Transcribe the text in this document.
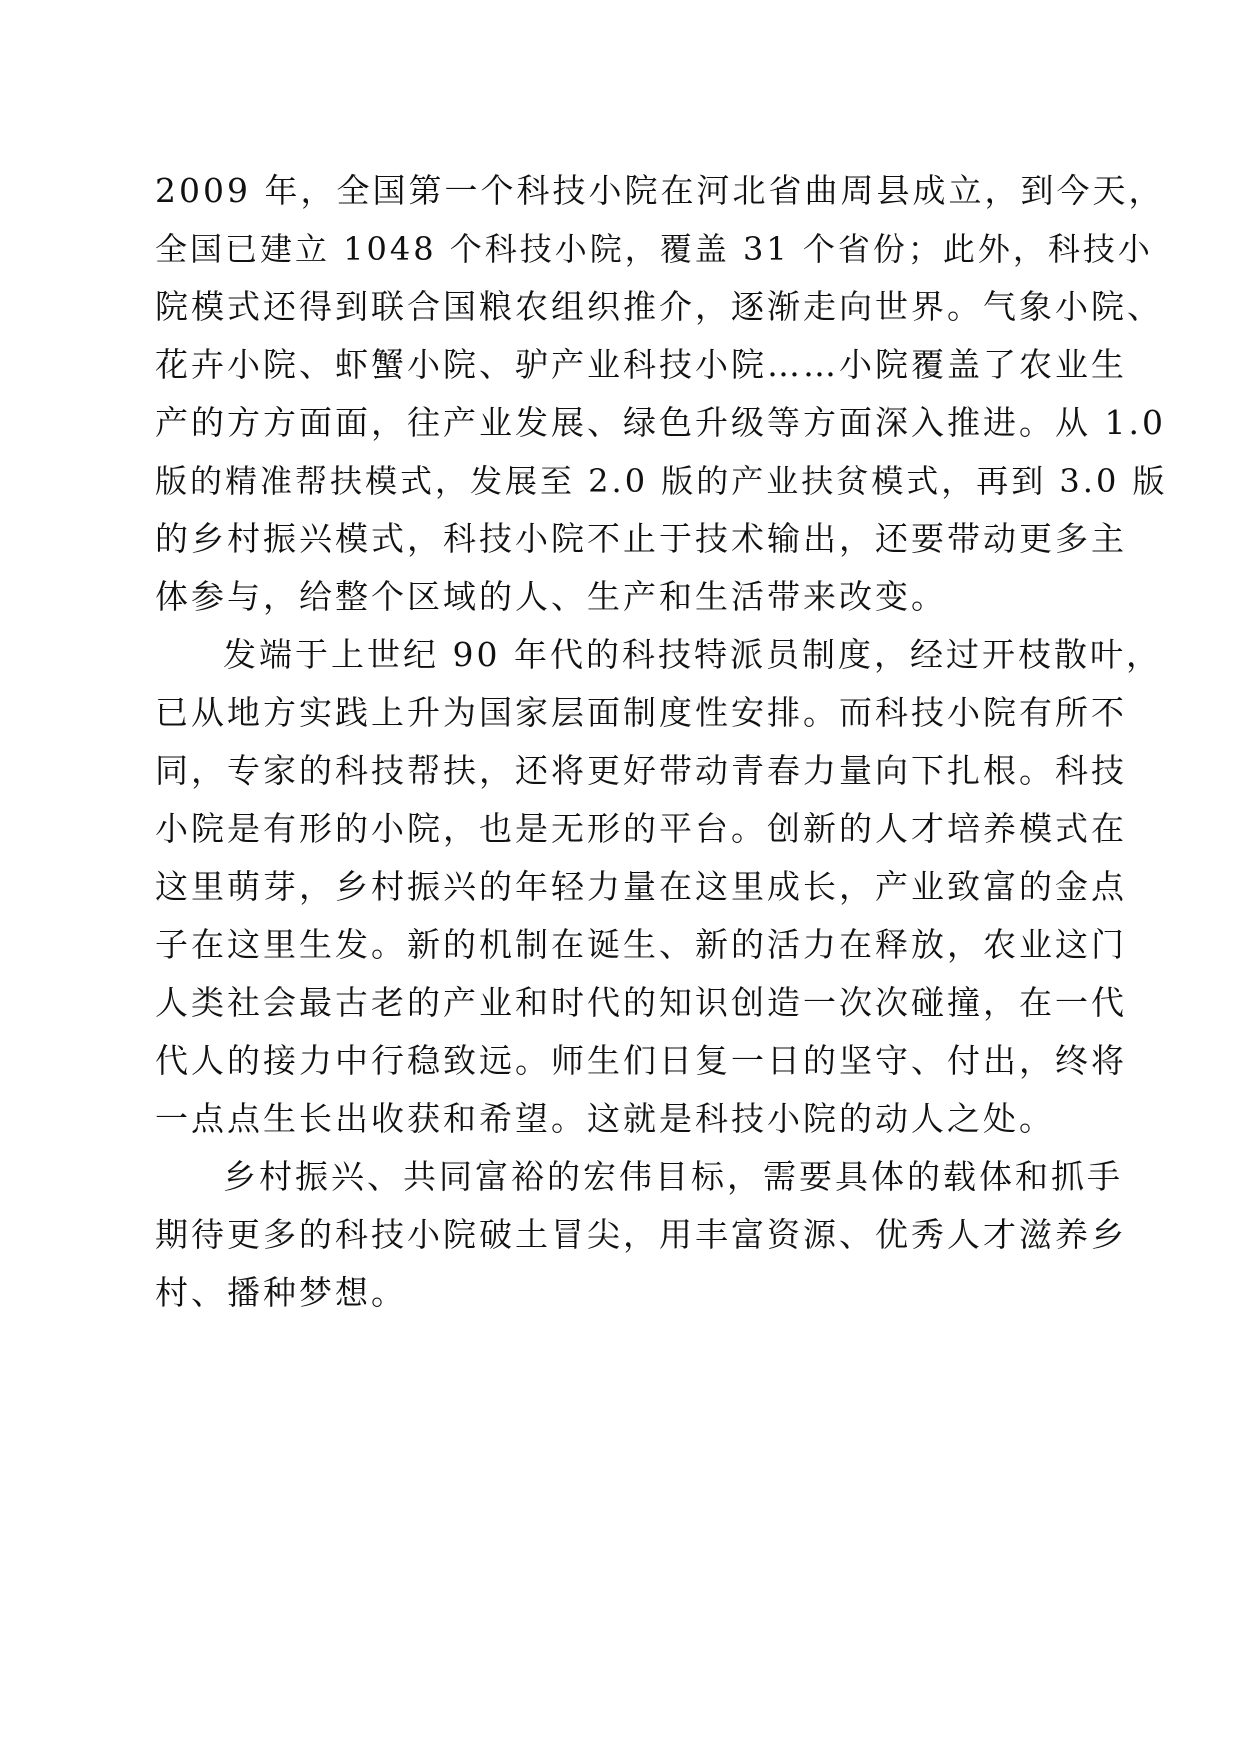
2009 年，全国第一个科技小院在河北省曲周县成立，到今天，
全国已建立 1048 个科技小院，覆盖 31 个省份；此外，科技小
院模式还得到联合国粮农组织推介，逐渐走向世界。气象小院、
花卉小院、虾蟹小院、驴产业科技小院……小院覆盖了农业生
产的方方面面，往产业发展、绿色升级等方面深入推进。从 1.0
版的精准帮扶模式，发展至 2.0 版的产业扶贫模式，再到 3.0 版
的乡村振兴模式，科技小院不止于技术输出，还要带动更多主
体参与，给整个区域的人、生产和生活带来改变。
发端于上世纪 90 年代的科技特派员制度，经过开枝散叶，
已从地方实践上升为国家层面制度性安排。而科技小院有所不
同，专家的科技帮扶，还将更好带动青春力量向下扎根。科技
小院是有形的小院，也是无形的平台。创新的人才培养模式在
这里萌芽，乡村振兴的年轻力量在这里成长，产业致富的金点
子在这里生发。新的机制在诞生、新的活力在释放，农业这门
人类社会最古老的产业和时代的知识创造一次次碰撞，在一代
代人的接力中行稳致远。师生们日复一日的坚守、付出，终将
一点点生长出收获和希望。这就是科技小院的动人之处。
乡村振兴、共同富裕的宏伟目标，需要具体的载体和抓手
期待更多的科技小院破土冒尖，用丰富资源、优秀人才滋养乡
村、播种梦想。
